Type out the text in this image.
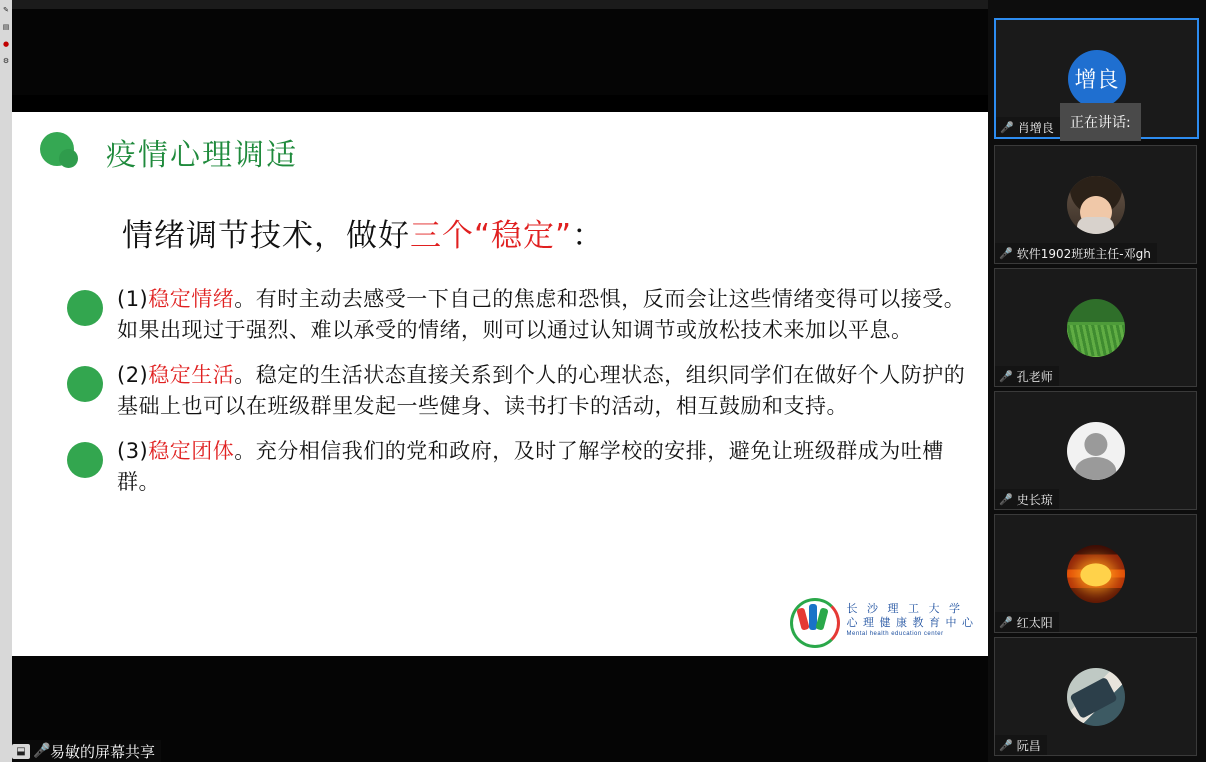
✎
▤
●
⚙
疫情心理调适
情绪调节技术，做好三个“稳定”：
(1)稳定情绪。有时主动去感受一下自己的焦虑和恐惧，反而会让这些情绪变得可以接受。如果出现过于强烈、难以承受的情绪，则可以通过认知调节或放松技术来加以平息。
(2)稳定生活。稳定的生活状态直接关系到个人的心理状态，组织同学们在做好个人防护的基础上也可以在班级群里发起一些健身、读书打卡的活动，相互鼓励和支持。
(3)稳定团体。充分相信我们的党和政府，及时了解学校的安排，避免让班级群成为吐槽群。
长 沙 理 工 大 学
心 理 健 康 教 育 中 心
Mental health education center
⬓ 🎤 易敏的屏幕共享
增良
🎤 肖增良
🎤 软件1902班班主任-邓gh
🎤 孔老师
🎤 史长琼
🎤 红太阳
🎤 阮昌
正在讲话:
